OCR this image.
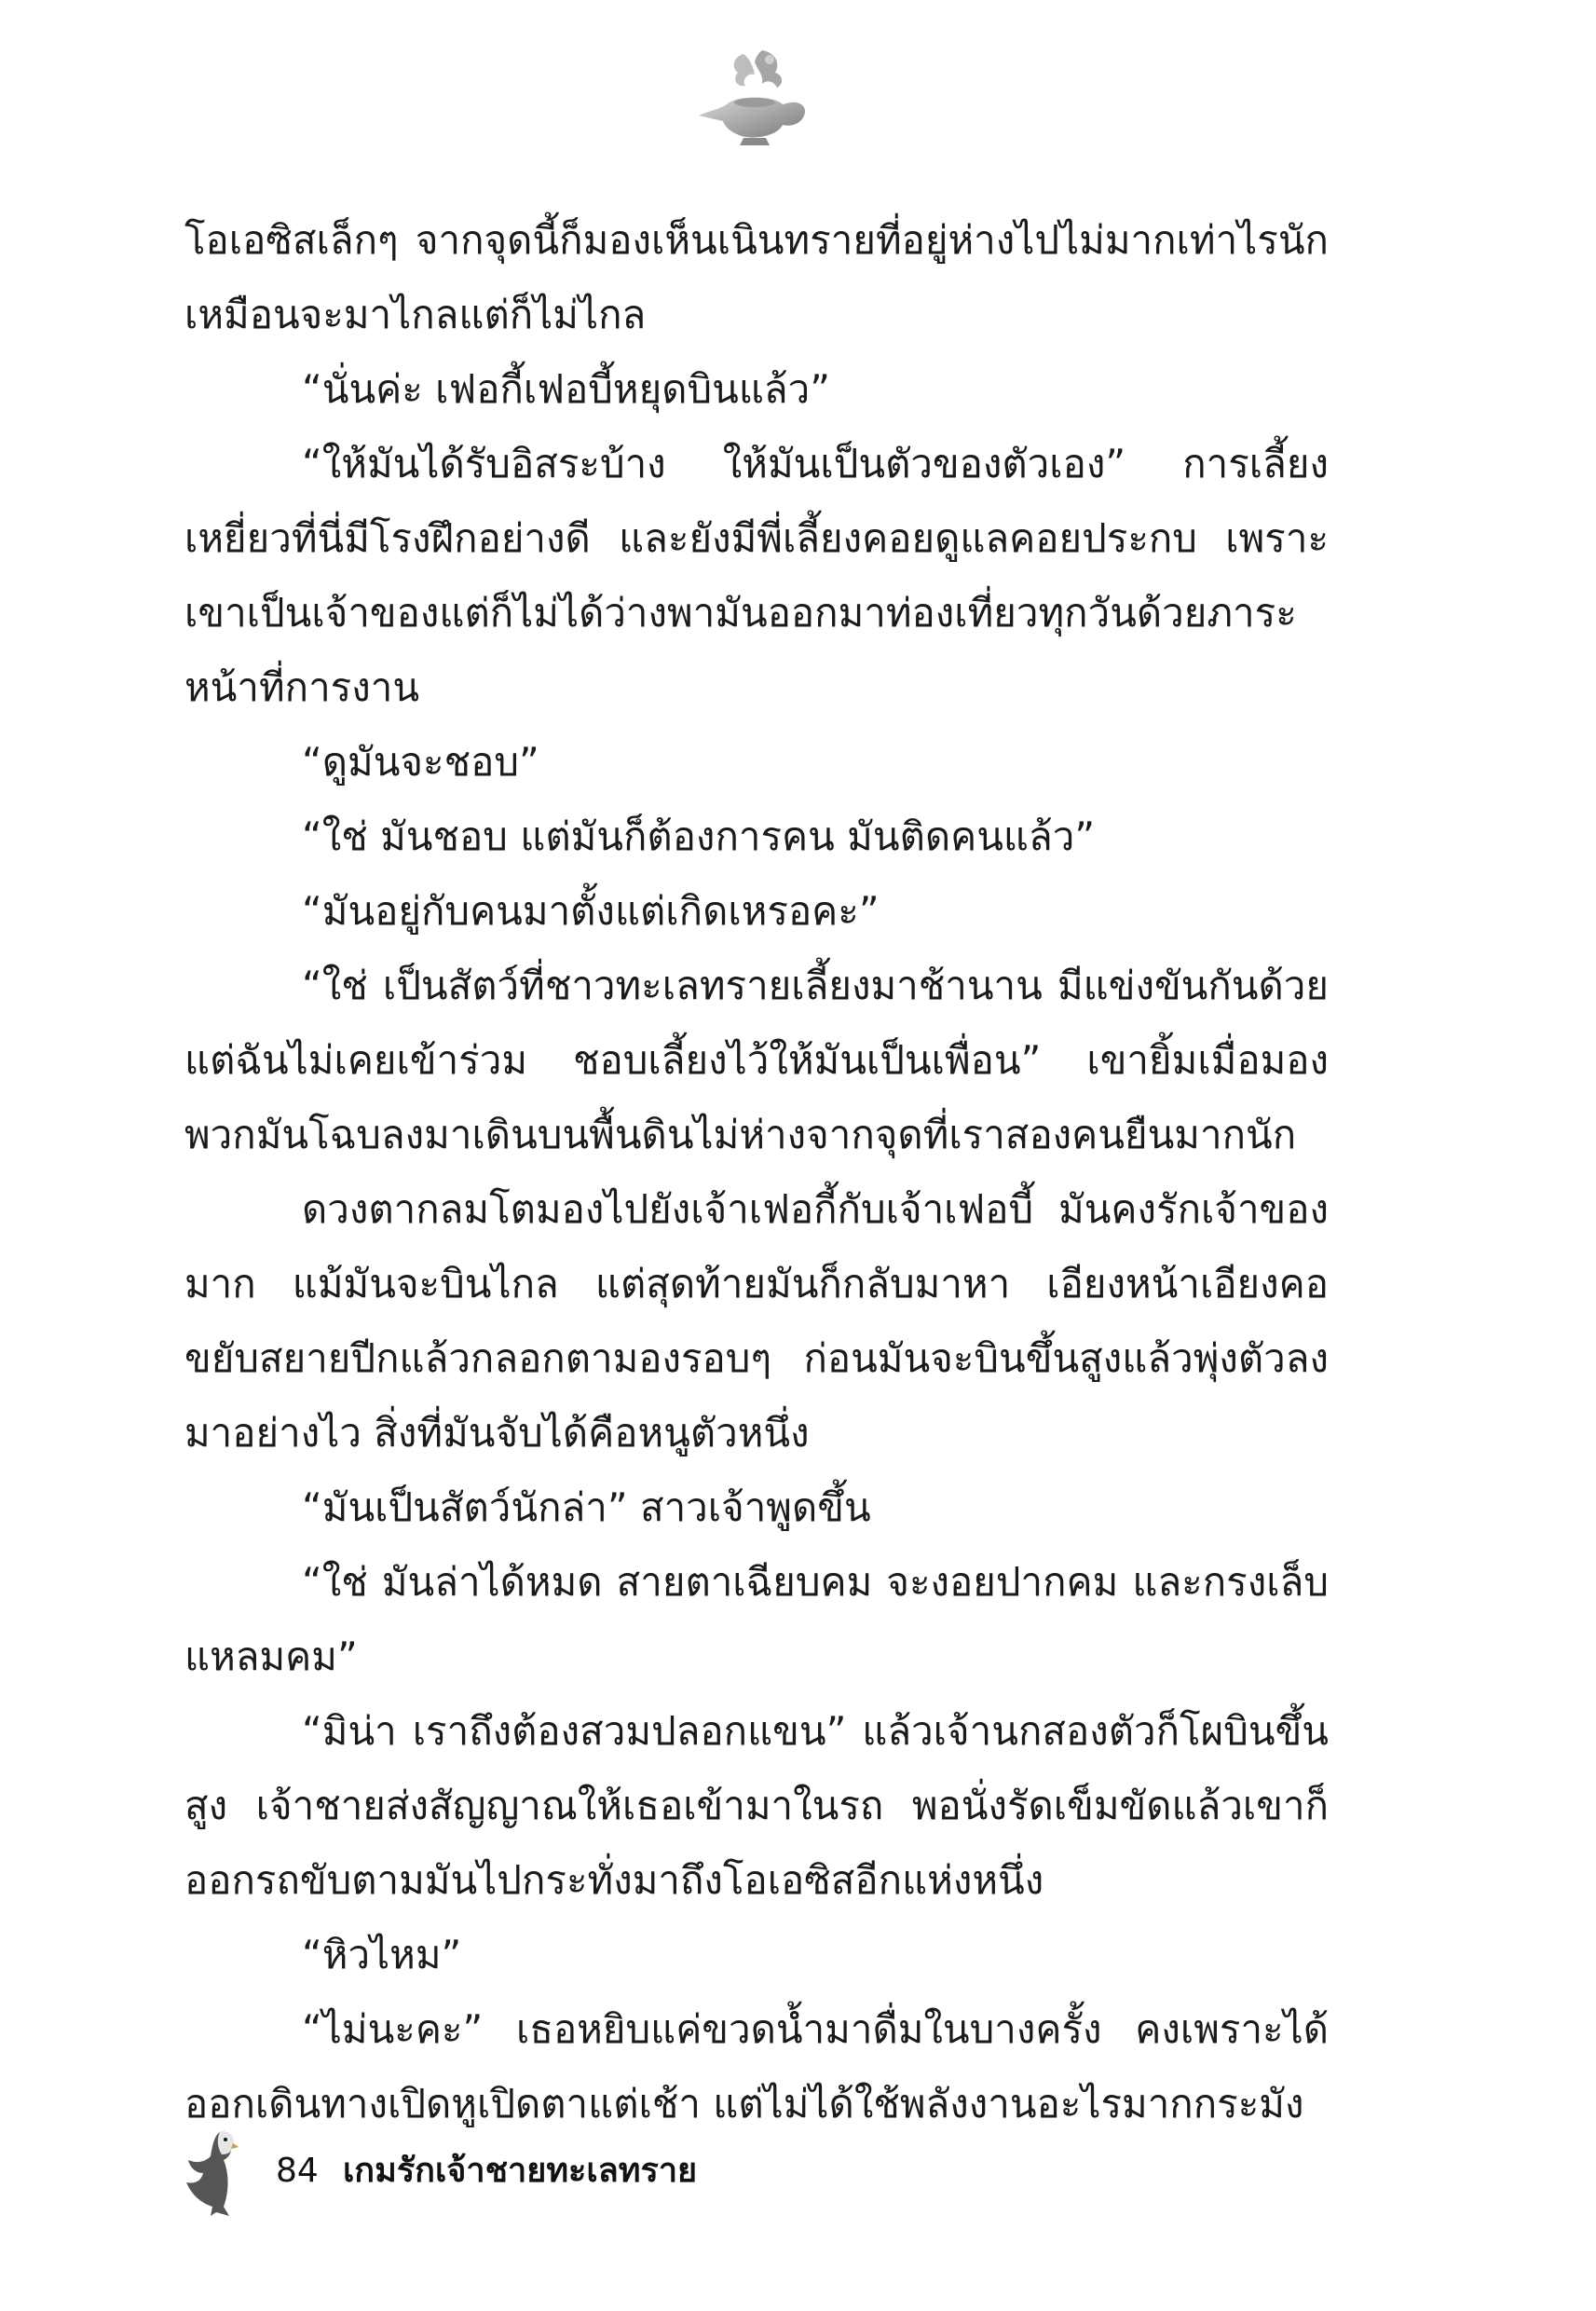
โอเอซิสเล็กๆ จากจุดนี้ก็มองเห็นเนินทรายที่อยู่ห่างไปไม่มากเท่าไรนัก เหมือนจะมาไกลแต่ก็ไม่ไกล

“นั่นค่ะ เฟอกี้เฟอบี้หยุดบินแล้ว”

“ให้มันได้รับอิสระบ้าง ให้มันเป็นตัวของตัวเอง” การเลี้ยงเหยี่ยวที่นี่มีโรงฝึกอย่างดี และยังมีพี่เลี้ยงคอยดูแลคอยประกบ เพราะเขาเป็นเจ้าของแต่ก็ไม่ได้ว่างพามันออกมาท่องเที่ยวทุกวันด้วยภาระหน้าที่การงาน

“ดูมันจะชอบ”

“ใช่ มันชอบ แต่มันก็ต้องการคน มันติดคนแล้ว”

“มันอยู่กับคนมาตั้งแต่เกิดเหรอคะ”

“ใช่ เป็นสัตว์ที่ชาวทะเลทรายเลี้ยงมาช้านาน มีแข่งขันกันด้วย แต่ฉันไม่เคยเข้าร่วม ชอบเลี้ยงไว้ให้มันเป็นเพื่อน” เขายิ้มเมื่อมองพวกมันโฉบลงมาเดินบนพื้นดินไม่ห่างจากจุดที่เราสองคนยืนมากนัก

ดวงตากลมโตมองไปยังเจ้าเฟอกี้กับเจ้าเฟอบี้ มันคงรักเจ้าของมาก แม้มันจะบินไกล แต่สุดท้ายมันก็กลับมาหา เอียงหน้าเอียงคอขยับสยายปีกแล้วกลอกตามองรอบๆ ก่อนมันจะบินขึ้นสูงแล้วพุ่งตัวลงมาอย่างไว สิ่งที่มันจับได้คือหนูตัวหนึ่ง

“มันเป็นสัตว์นักล่า” สาวเจ้าพูดขึ้น

“ใช่ มันล่าได้หมด สายตาเฉียบคม จะงอยปากคม และกรงเล็บแหลมคม”

“มิน่า เราถึงต้องสวมปลอกแขน” แล้วเจ้านกสองตัวก็โผบินขึ้นสูง เจ้าชายส่งสัญญาณให้เธอเข้ามาในรถ พอนั่งรัดเข็มขัดแล้วเขาก็ออกรถขับตามมันไปกระทั่งมาถึงโอเอซิสอีกแห่งหนึ่ง

“หิวไหม”

“ไม่นะคะ” เธอหยิบแค่ขวดน้ำมาดื่มในบางครั้ง คงเพราะได้ออกเดินทางเปิดหูเปิดตาแต่เช้า แต่ไม่ได้ใช้พลังงานอะไรมากกระมัง

84 เกมรักเจ้าชายทะเลทราย
